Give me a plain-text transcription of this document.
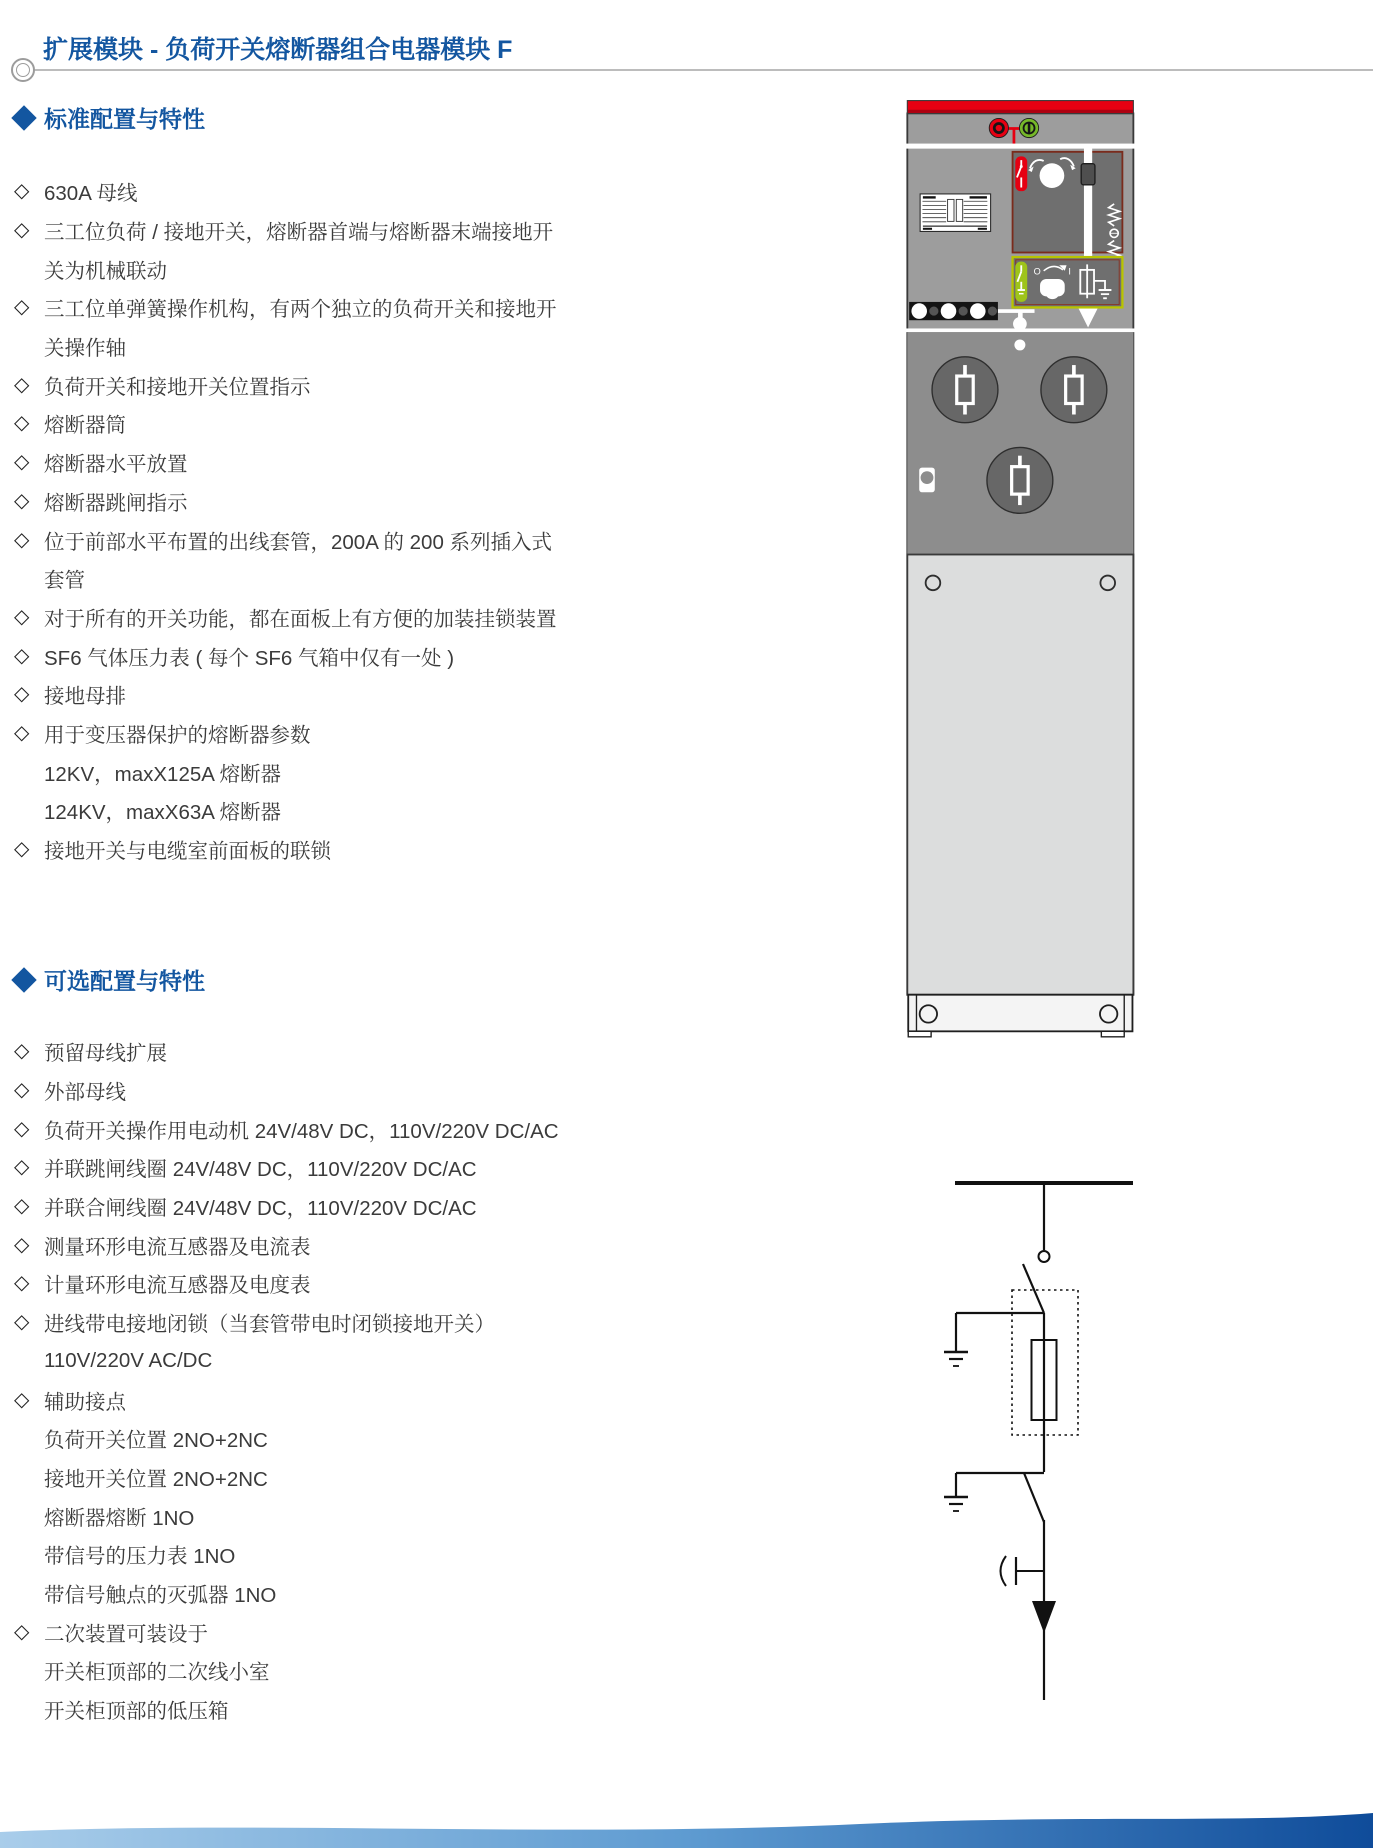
扩展模块 - 负荷开关熔断器组合电器模块 F
标准配置与特性
◇ 630A 母线
◇ 三工位负荷 / 接地开关，熔断器首端与熔断器末端接地开
关为机械联动
◇ 三工位单弹簧操作机构，有两个独立的负荷开关和接地开
关操作轴
◇ 负荷开关和接地开关位置指示
◇ 熔断器筒
◇ 熔断器水平放置
◇ 熔断器跳闸指示
◇ 位于前部水平布置的出线套管，200A 的 200 系列插入式
套管
◇ 对于所有的开关功能，都在面板上有方便的加装挂锁装置
◇ SF6 气体压力表 ( 每个 SF6 气箱中仅有一处 )
◇ 接地母排
◇ 用于变压器保护的熔断器参数
12KV，maxX125A 熔断器
124KV，maxX63A 熔断器
◇ 接地开关与电缆室前面板的联锁
可选配置与特性
◇ 预留母线扩展
◇ 外部母线
◇ 负荷开关操作用电动机 24V/48V DC，110V/220V DC/AC
◇ 并联跳闸线圈 24V/48V DC，110V/220V DC/AC
◇ 并联合闸线圈 24V/48V DC，110V/220V DC/AC
◇ 测量环形电流互感器及电流表
◇ 计量环形电流互感器及电度表
◇ 进线带电接地闭锁（当套管带电时闭锁接地开关）
110V/220V AC/DC
◇ 辅助接点
负荷开关位置 2NO+2NC
接地开关位置 2NO+2NC
熔断器熔断 1NO
带信号的压力表 1NO
带信号触点的灭弧器 1NO
◇ 二次装置可装设于
开关柜顶部的二次线小室
开关柜顶部的低压箱
O	I
